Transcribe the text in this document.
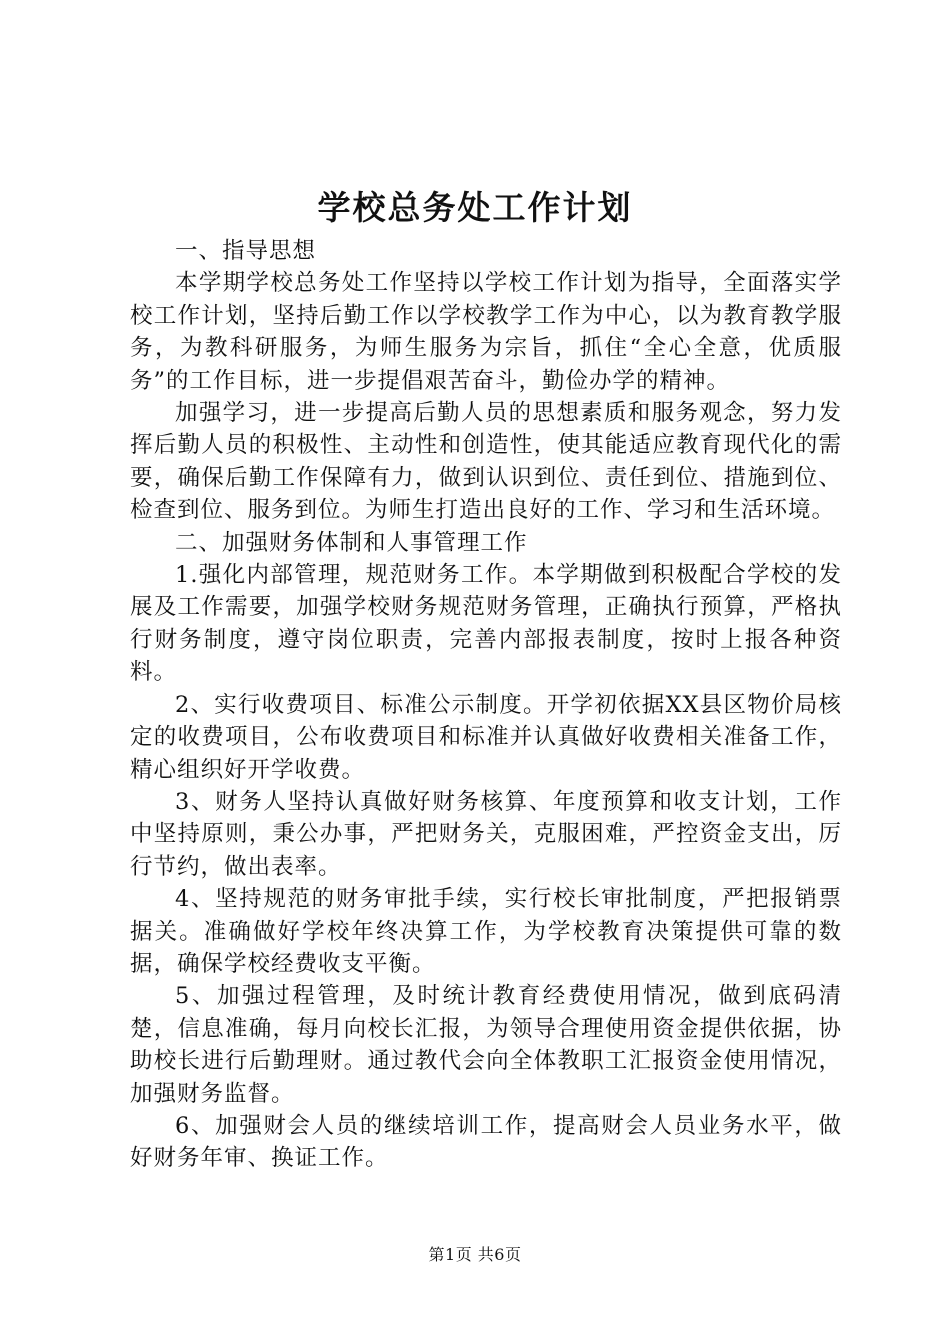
学校总务处工作计划

一、指导思想

本学期学校总务处工作坚持以学校工作计划为指导，全面落实学校工作计划，坚持后勤工作以学校教学工作为中心，以为教育教学服务，为教科研服务，为师生服务为宗旨，抓住“全心全意，优质服务”的工作目标，进一步提倡艰苦奋斗，勤俭办学的精神。

加强学习，进一步提高后勤人员的思想素质和服务观念，努力发挥后勤人员的积极性、主动性和创造性，使其能适应教育现代化的需要，确保后勤工作保障有力，做到认识到位、责任到位、措施到位、检查到位、服务到位。为师生打造出良好的工作、学习和生活环境。

二、加强财务体制和人事管理工作

1.强化内部管理，规范财务工作。本学期做到积极配合学校的发展及工作需要，加强学校财务规范财务管理，正确执行预算，严格执行财务制度，遵守岗位职责，完善内部报表制度，按时上报各种资料。

2、实行收费项目、标准公示制度。开学初依据XX县区物价局核定的收费项目，公布收费项目和标准并认真做好收费相关准备工作，精心组织好开学收费。

3、财务人坚持认真做好财务核算、年度预算和收支计划，工作中坚持原则，秉公办事，严把财务关，克服困难，严控资金支出，厉行节约，做出表率。

4、坚持规范的财务审批手续，实行校长审批制度，严把报销票据关。准确做好学校年终决算工作，为学校教育决策提供可靠的数据，确保学校经费收支平衡。

5、加强过程管理，及时统计教育经费使用情况，做到底码清楚，信息准确，每月向校长汇报，为领导合理使用资金提供依据，协助校长进行后勤理财。通过教代会向全体教职工汇报资金使用情况，加强财务监督。

6、加强财会人员的继续培训工作，提高财会人员业务水平，做好财务年审、换证工作。

第1页 共6页
